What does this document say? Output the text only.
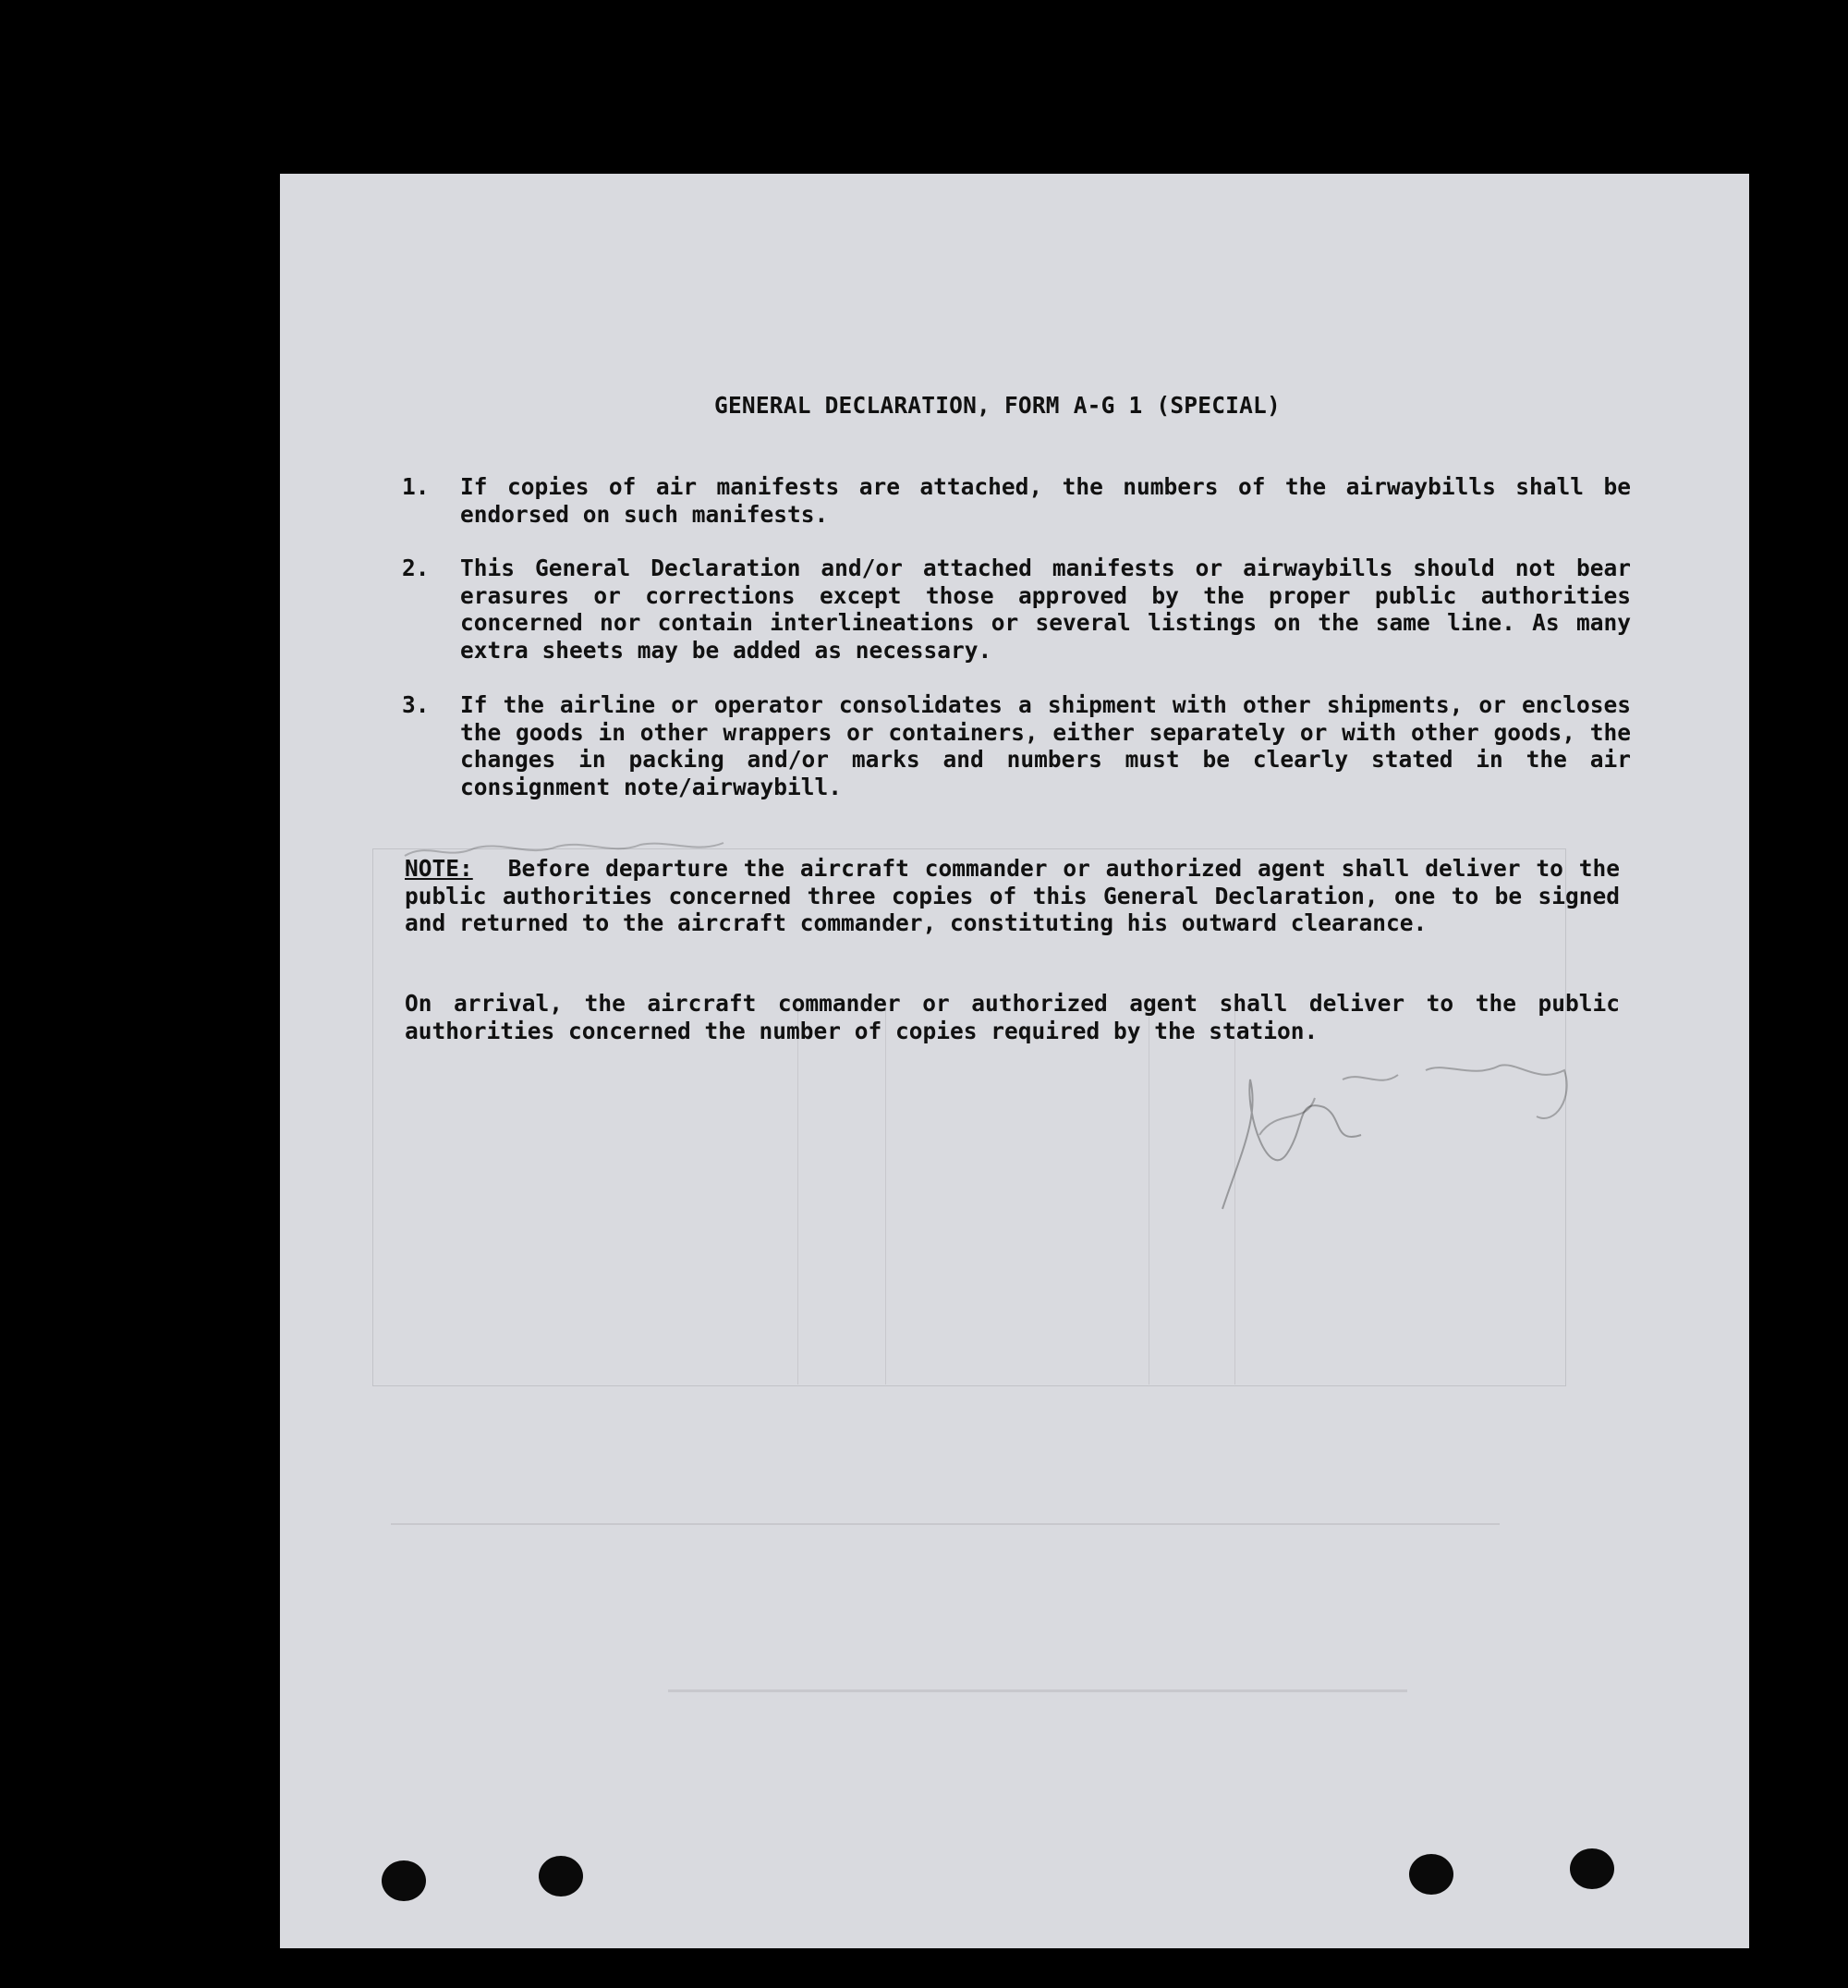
GENERAL DECLARATION, FORM A-G 1 (SPECIAL)
1. If copies of air manifests are attached, the numbers of the airwaybills shall be endorsed on such manifests.
2. This General Declaration and/or attached manifests or airwaybills should not bear erasures or corrections except those approved by the proper public authorities concerned nor contain interlineations or several listings on the same line. As many extra sheets may be added as necessary.
3. If the airline or operator consolidates a shipment with other shipments, or encloses the goods in other wrappers or containers, either separately or with other goods, the changes in packing and/or marks and numbers must be clearly stated in the air consignment note/airwaybill.
NOTE: Before departure the aircraft commander or authorized agent shall deliver to the public authorities concerned three copies of this General Declaration, one to be signed and returned to the aircraft commander, constituting his outward clearance.
On arrival, the aircraft commander or authorized agent shall deliver to the public authorities concerned the number of copies required by the station.
